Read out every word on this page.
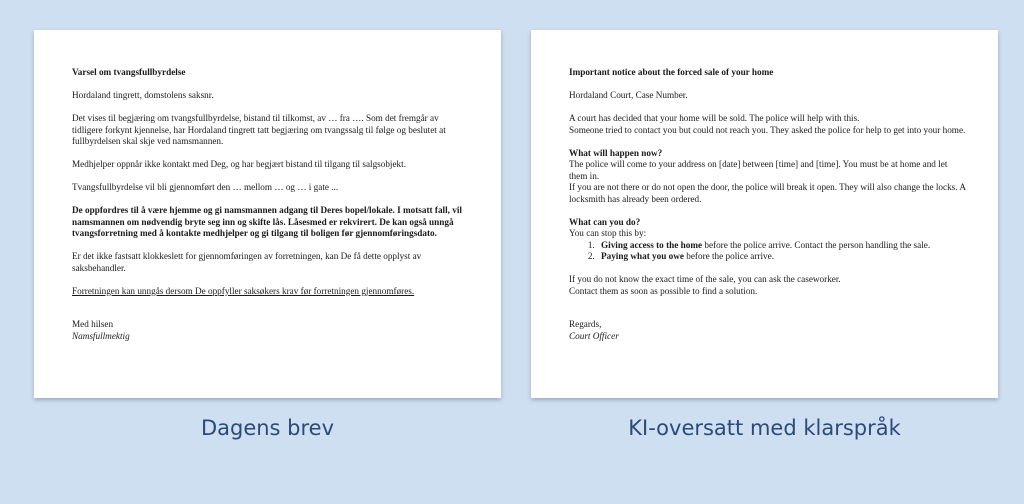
Varsel om tvangsfullbyrdelse
Hordaland tingrett, domstolens saksnr.
Det vises til begjæring om tvangsfullbyrdelse, bistand til tilkomst, av … fra …. Som det fremgår av tidligere forkynt kjennelse, har Hordaland tingrett tatt begjæring om tvangssalg til følge og beslutet at fullbyrdelsen skal skje ved namsmannen.
Medhjelper oppnår ikke kontakt med Deg, og har begjært bistand til tilgang til salgsobjekt.
Tvangsfullbyrdelse vil bli gjennomført den … mellom … og … i gate ...
De oppfordres til å være hjemme og gi namsmannen adgang til Deres bopel/lokale. I motsatt fall, vil namsmannen om nødvendig bryte seg inn og skifte lås. Låsesmed er rekvirert. De kan også unngå tvangsforretning med å kontakte medhjelper og gi tilgang til boligen før gjennomføringsdato.
Er det ikke fastsatt klokkeslett for gjennomføringen av forretningen, kan De få dette opplyst av saksbehandler.
Forretningen kan unngås dersom De oppfyller saksøkers krav før forretningen gjennomføres.
Med hilsen
Namsfullmektig
Important notice about the forced sale of your home
Hordaland Court, Case Number.
A court has decided that your home will be sold. The police will help with this.
Someone tried to contact you but could not reach you. They asked the police for help to get into your home.
What will happen now?
The police will come to your address on [date] between [time] and [time]. You must be at home and let them in.
If you are not there or do not open the door, the police will break it open. They will also change the locks. A locksmith has already been ordered.
What can you do?
You can stop this by:
1. Giving access to the home before the police arrive. Contact the person handling the sale.
2. Paying what you owe before the police arrive.
If you do not know the exact time of the sale, you can ask the caseworker.
Contact them as soon as possible to find a solution.
Regards,
Court Officer
Dagens brev	KI-oversatt med klarspråk
